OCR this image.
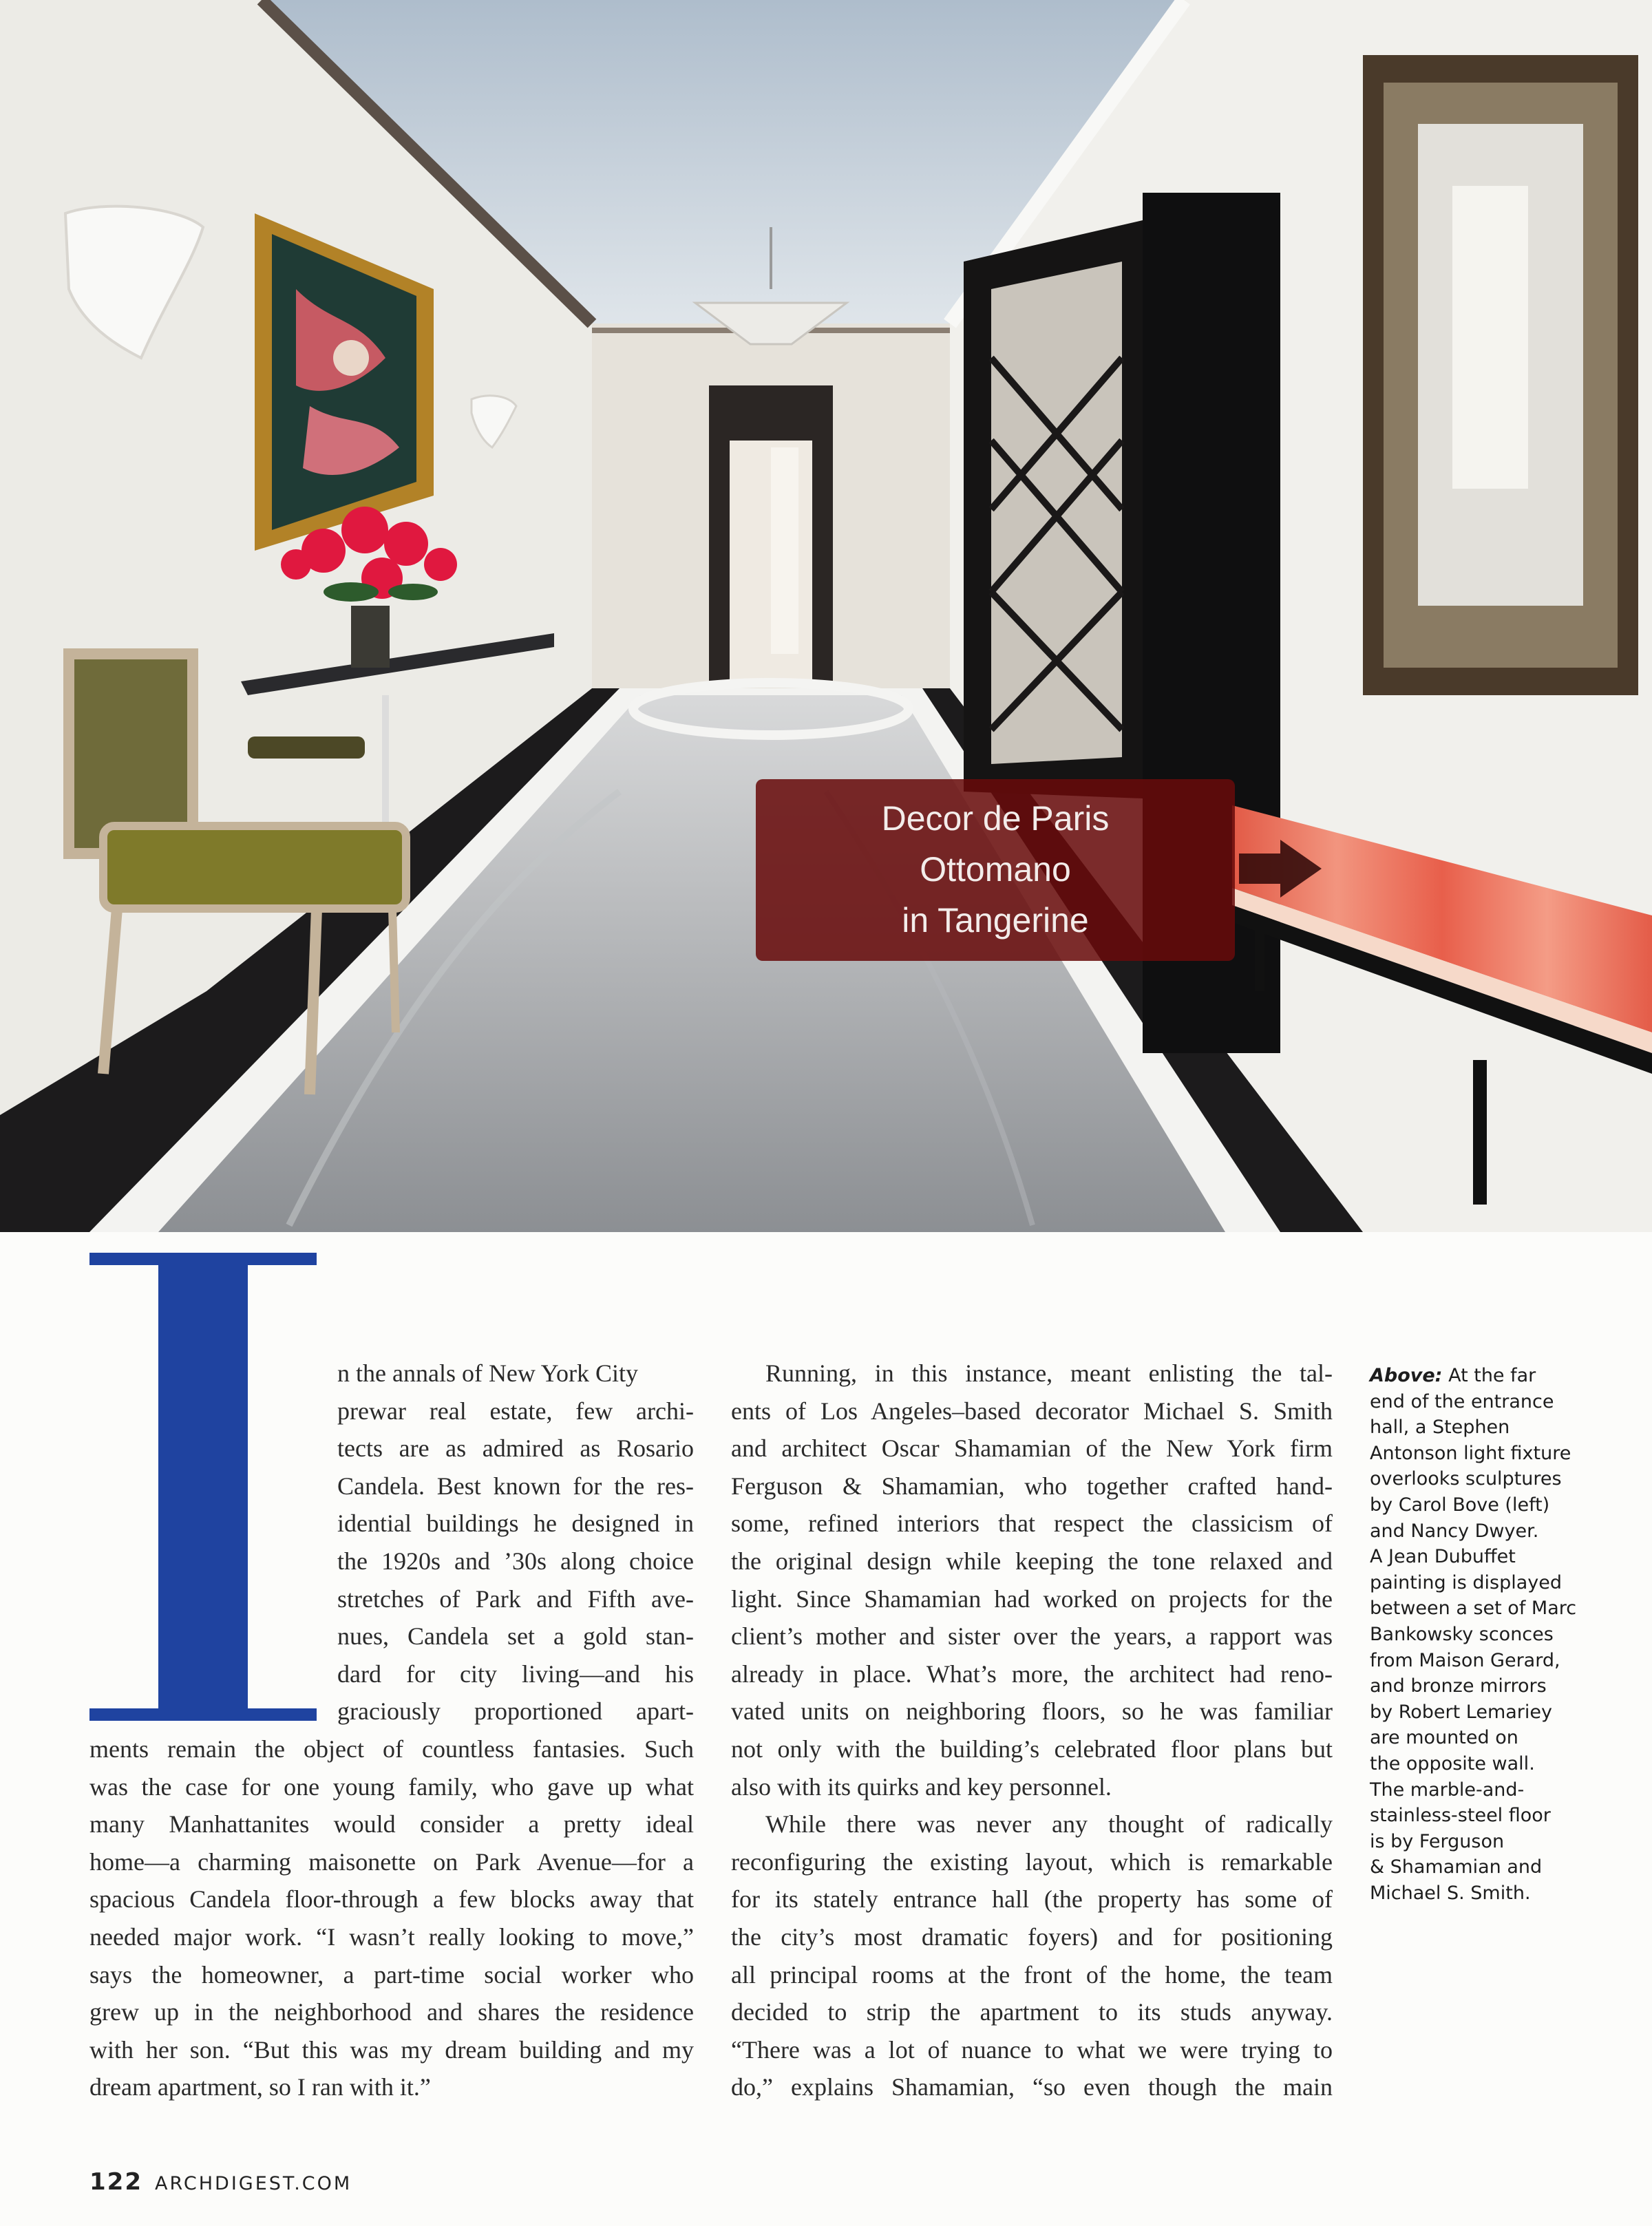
Decor de Paris
Ottomano
in Tangerine
n the annals of New York City
prewar real estate, few archi-
tects are as admired as Rosario
Candela. Best known for the res-
idential buildings he designed in
the 1920s and ’30s along choice
stretches of Park and Fifth ave-
nues, Candela set a gold stan-
dard for city living—and his
graciously proportioned apart-
ments remain the object of countless fantasies. Such
was the case for one young family, who gave up what
many Manhattanites would consider a pretty ideal
home—a charming maisonette on Park Avenue—for a
spacious Candela floor-through a few blocks away that
needed major work. “I wasn’t really looking to move,”
says the homeowner, a part-time social worker who
grew up in the neighborhood and shares the residence
with her son. “But this was my dream building and my
dream apartment, so I ran with it.”
Running, in this instance, meant enlisting the tal-
ents of Los Angeles–based decorator Michael S. Smith
and architect Oscar Shamamian of the New York firm
Ferguson & Shamamian, who together crafted hand-
some, refined interiors that respect the classicism of
the original design while keeping the tone relaxed and
light. Since Shamamian had worked on projects for the
client’s mother and sister over the years, a rapport was
already in place. What’s more, the architect had reno-
vated units on neighboring floors, so he was familiar
not only with the building’s celebrated floor plans but
also with its quirks and key personnel.
While there was never any thought of radically
reconfiguring the existing layout, which is remarkable
for its stately entrance hall (the property has some of
the city’s most dramatic foyers) and for positioning
all principal rooms at the front of the home, the team
decided to strip the apartment to its studs anyway.
“There was a lot of nuance to what we were trying to
do,” explains Shamamian, “so even though the main
Above: At the far
end of the entrance
hall, a Stephen
Antonson light fixture
overlooks sculptures
by Carol Bove (left)
and Nancy Dwyer.
A Jean Dubuffet
painting is displayed
between a set of Marc
Bankowsky sconces
from Maison Gerard,
and bronze mirrors
by Robert Lemariey
are mounted on
the opposite wall.
The marble-and-
stainless-steel floor
is by Ferguson
& Shamamian and
Michael S. Smith.
122 ARCHDIGEST.COM
